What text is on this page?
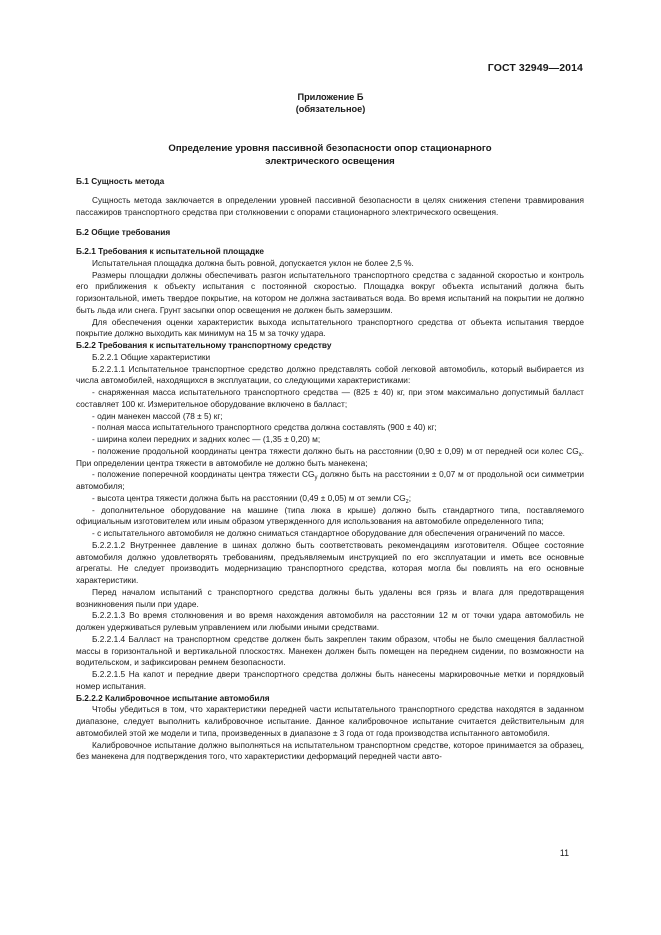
ГОСТ 32949—2014
Приложение Б
(обязательное)
Определение уровня пассивной безопасности опор стационарного
электрического освещения

Б.1 Сущность метода

Сущность метода заключается в определении уровней пассивной безопасности в целях снижения степени травмирования пассажиров транспортного средства при столкновении с опорами стационарного электрического освещения.

Б.2 Общие требования

Б.2.1 Требования к испытательной площадке

Испытательная площадка должна быть ровной, допускается уклон не более 2,5 %.

Размеры площадки должны обеспечивать разгон испытательного транспортного средства с заданной скоростью и контроль его приближения к объекту испытания с постоянной скоростью. Площадка вокруг объекта испытаний должна быть горизонтальной, иметь твердое покрытие, на котором не должна застаиваться вода. Во время испытаний на покрытии не должно быть льда или снега. Грунт засыпки опор освещения не должен быть замерзшим.

Для обеспечения оценки характеристик выхода испытательного транспортного средства от объекта испытания твердое покрытие должно выходить как минимум на 15 м за точку удара.

Б.2.2 Требования к испытательному транспортному средству

Б.2.2.1 Общие характеристики

Б.2.2.1.1 Испытательное транспортное средство должно представлять собой легковой автомобиль, который выбирается из числа автомобилей, находящихся в эксплуатации, со следующими характеристиками:

- снаряженная масса испытательного транспортного средства — (825 ± 40) кг, при этом максимально допустимый балласт составляет 100 кг. Измерительное оборудование включено в балласт;

- один манекен массой (78 ± 5) кг;

- полная масса испытательного транспортного средства должна составлять (900 ± 40) кг;

- ширина колеи передних и задних колес — (1,35 ± 0,20) м;

- положение продольной координаты центра тяжести должно быть на расстоянии (0,90 ± 0,09) м от передней оси колес $CG_x$. При определении центра тяжести в автомобиле не должно быть манекена;

- положение поперечной координаты центра тяжести $CG_y$ должно быть на расстоянии ± 0,07 м от продольной оси симметрии автомобиля;

- высота центра тяжести должна быть на расстоянии (0,49 ± 0,05) м от земли $CG_z$;

- дополнительное оборудование на машине (типа люка в крыше) должно быть стандартного типа, поставляемого официальным изготовителем или иным образом утвержденного для использования на автомобиле определенного типа;

- с испытательного автомобиля не должно сниматься стандартное оборудование для обеспечения ограничений по массе.

Б.2.2.1.2 Внутреннее давление в шинах должно быть соответствовать рекомендациям изготовителя. Общее состояние автомобиля должно удовлетворять требованиям, предъявляемым инструкцией по его эксплуатации и иметь все основные агрегаты. Не следует производить модернизацию транспортного средства, которая могла бы повлиять на его основные характеристики.

Перед началом испытаний с транспортного средства должны быть удалены вся грязь и влага для предотвращения возникновения пыли при ударе.

Б.2.2.1.3 Во время столкновения и во время нахождения автомобиля на расстоянии 12 м от точки удара автомобиль не должен удерживаться рулевым управлением или любыми иными средствами.

Б.2.2.1.4 Балласт на транспортном средстве должен быть закреплен таким образом, чтобы не было смещения балластной массы в горизонтальной и вертикальной плоскостях. Манекен должен быть помещен на переднем сидении, по возможности на водительском, и зафиксирован ремнем безопасности.

Б.2.2.1.5 На капот и передние двери транспортного средства должны быть нанесены маркировочные метки и порядковый номер испытания.

Б.2.2.2 Калибровочное испытание автомобиля

Чтобы убедиться в том, что характеристики передней части испытательного транспортного средства находятся в заданном диапазоне, следует выполнить калибровочное испытание. Данное калибровочное испытание считается действительным для автомобилей этой же модели и типа, произведенных в диапазоне ± 3 года от года производства испытанного автомобиля.

Калибровочное испытание должно выполняться на испытательном транспортном средстве, которое принимается за образец, без манекена для подтверждения того, что характеристики деформаций передней части авто-

11
